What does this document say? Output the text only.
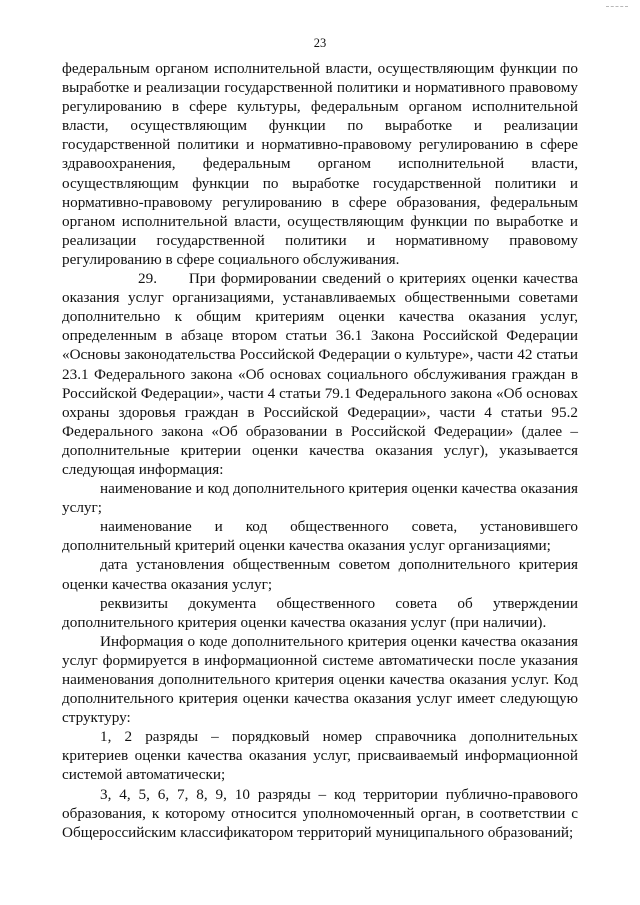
23

федеральным органом исполнительной власти, осуществляющим функции по выработке и реализации государственной политики и нормативного правовому регулированию в сфере культуры, федеральным органом исполнительной власти, осуществляющим функции по выработке и реализации государственной политики и нормативно-правовому регулированию в сфере здравоохранения, федеральным органом исполнительной власти, осуществляющим функции по выработке государственной политики и нормативно-правовому регулированию в сфере образования, федеральным органом исполнительной власти, осуществляющим функции по выработке и реализации государственной политики и нормативному правовому регулированию в сфере социального обслуживания.

29. При формировании сведений о критериях оценки качества оказания услуг организациями, устанавливаемых общественными советами дополнительно к общим критериям оценки качества оказания услуг, определенным в абзаце втором статьи 36.1 Закона Российской Федерации «Основы законодательства Российской Федерации о культуре», части 42 статьи 23.1 Федерального закона «Об основах социального обслуживания граждан в Российской Федерации», части 4 статьи 79.1 Федерального закона «Об основах охраны здоровья граждан в Российской Федерации», части 4 статьи 95.2 Федерального закона «Об образовании в Российской Федерации» (далее – дополнительные критерии оценки качества оказания услуг), указывается следующая информация:

наименование и код дополнительного критерия оценки качества оказания услуг;

наименование и код общественного совета, установившего дополнительный критерий оценки качества оказания услуг организациями;

дата установления общественным советом дополнительного критерия оценки качества оказания услуг;

реквизиты документа общественного совета об утверждении дополнительного критерия оценки качества оказания услуг (при наличии).

Информация о коде дополнительного критерия оценки качества оказания услуг формируется в информационной системе автоматически после указания наименования дополнительного критерия оценки качества оказания услуг. Код дополнительного критерия оценки качества оказания услуг имеет следующую структуру:

1, 2 разряды – порядковый номер справочника дополнительных критериев оценки качества оказания услуг, присваиваемый информационной системой автоматически;

3, 4, 5, 6, 7, 8, 9, 10 разряды – код территории публично-правового образования, к которому относится уполномоченный орган, в соответствии с Общероссийским классификатором территорий муниципального образований;
